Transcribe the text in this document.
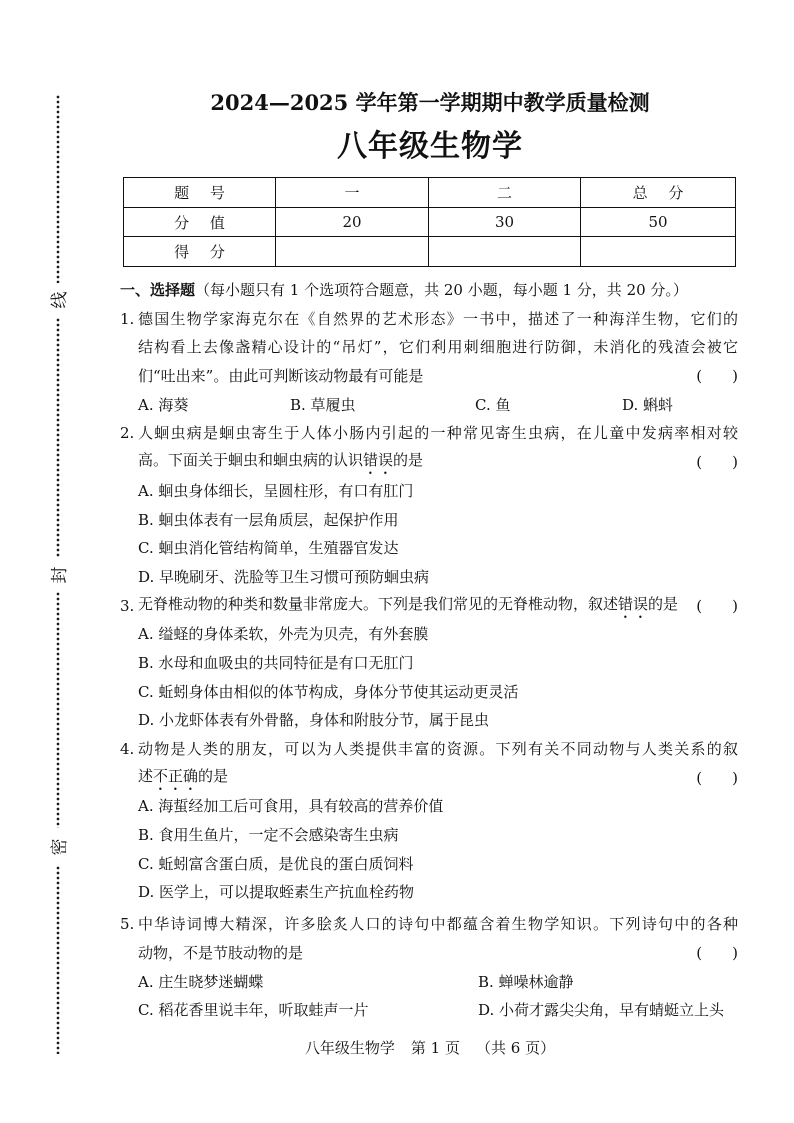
线
封
密
2024—2025 学年第一学期期中教学质量检测
八年级生物学
题 号	一	二	总 分
分 值	20	30	50
得 分			
一、选择题（每小题只有 1 个选项符合题意，共 20 小题，每小题 1 分，共 20 分。）
1. 德国生物学家海克尔在《自然界的艺术形态》一书中，描述了一种海洋生物，它们的
结构看上去像盏精心设计的“吊灯”，它们利用刺细胞进行防御，未消化的残渣会被它
们“吐出来”。由此可判断该动物最有可能是	(　　)
A. 海葵	B. 草履虫	C. 鱼	D. 蝌蚪
2. 人蛔虫病是蛔虫寄生于人体小肠内引起的一种常见寄生虫病，在儿童中发病率相对较
高。下面关于蛔虫和蛔虫病的认识错误的是	(　　)
A. 蛔虫身体细长，呈圆柱形，有口有肛门
B. 蛔虫体表有一层角质层，起保护作用
C. 蛔虫消化管结构简单，生殖器官发达
D. 早晚刷牙、洗脸等卫生习惯可预防蛔虫病
3. 无脊椎动物的种类和数量非常庞大。下列是我们常见的无脊椎动物，叙述错误的是 (　　)
A. 缢蛏的身体柔软，外壳为贝壳，有外套膜
B. 水母和血吸虫的共同特征是有口无肛门
C. 蚯蚓身体由相似的体节构成，身体分节使其运动更灵活
D. 小龙虾体表有外骨骼，身体和附肢分节，属于昆虫
4. 动物是人类的朋友，可以为人类提供丰富的资源。下列有关不同动物与人类关系的叙
述不正确的是	(　　)
A. 海蜇经加工后可食用，具有较高的营养价值
B. 食用生鱼片，一定不会感染寄生虫病
C. 蚯蚓富含蛋白质，是优良的蛋白质饲料
D. 医学上，可以提取蛭素生产抗血栓药物
5. 中华诗词博大精深，许多脍炙人口的诗句中都蕴含着生物学知识。下列诗句中的各种
动物，不是节肢动物的是	(　　)
A. 庄生晓梦迷蝴蝶	B. 蝉噪林逾静
C. 稻花香里说丰年，听取蛙声一片	D. 小荷才露尖尖角，早有蜻蜓立上头
八年级生物学 第 1 页 （共 6 页）
